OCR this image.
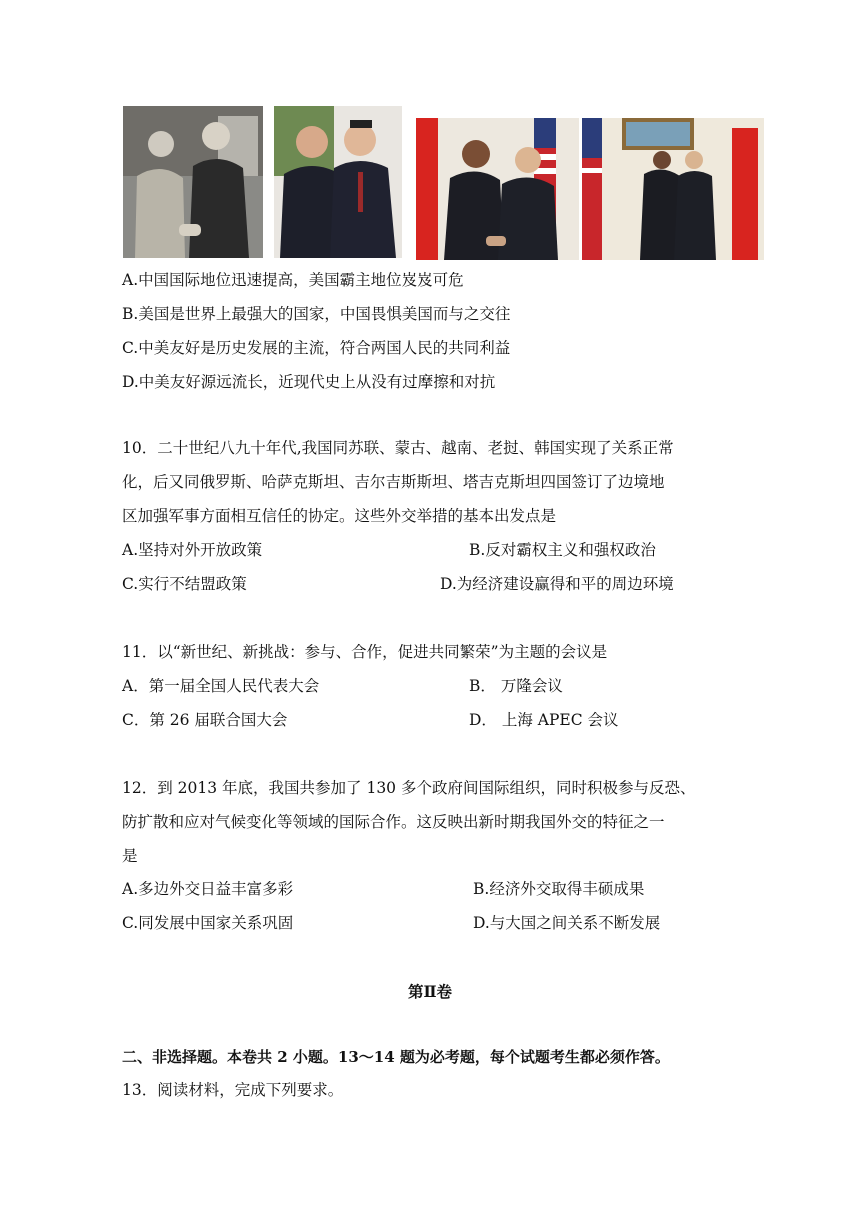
A.中国国际地位迅速提高，美国霸主地位岌岌可危
B.美国是世界上最强大的国家，中国畏惧美国而与之交往
C.中美友好是历史发展的主流，符合两国人民的共同利益
D.中美友好源远流长，近现代史上从没有过摩擦和对抗
10．二十世纪八九十年代,我国同苏联、蒙古、越南、老挝、韩国实现了关系正常
化，后又同俄罗斯、哈萨克斯坦、吉尔吉斯斯坦、塔吉克斯坦四国签订了边境地
区加强军事方面相互信任的协定。这些外交举措的基本出发点是
A.坚持对外开放政策	B.反对霸权主义和强权政治
C.实行不结盟政策	D.为经济建设赢得和平的周边环境
11．以“新世纪、新挑战：参与、合作，促进共同繁荣”为主题的会议是
A．第一届全国人民代表大会	B． 万隆会议
C．第 26 届联合国大会	D． 上海 APEC 会议
12．到 2013 年底，我国共参加了 130 多个政府间国际组织，同时积极参与反恐、
防扩散和应对气候变化等领域的国际合作。这反映出新时期我国外交的特征之一
是
A.多边外交日益丰富多彩	B.经济外交取得丰硕成果
C.同发展中国家关系巩固	D.与大国之间关系不断发展
第Ⅱ卷
二、非选择题。本卷共 2 小题。13～14 题为必考题，每个试题考生都必须作答。
13．阅读材料，完成下列要求。
